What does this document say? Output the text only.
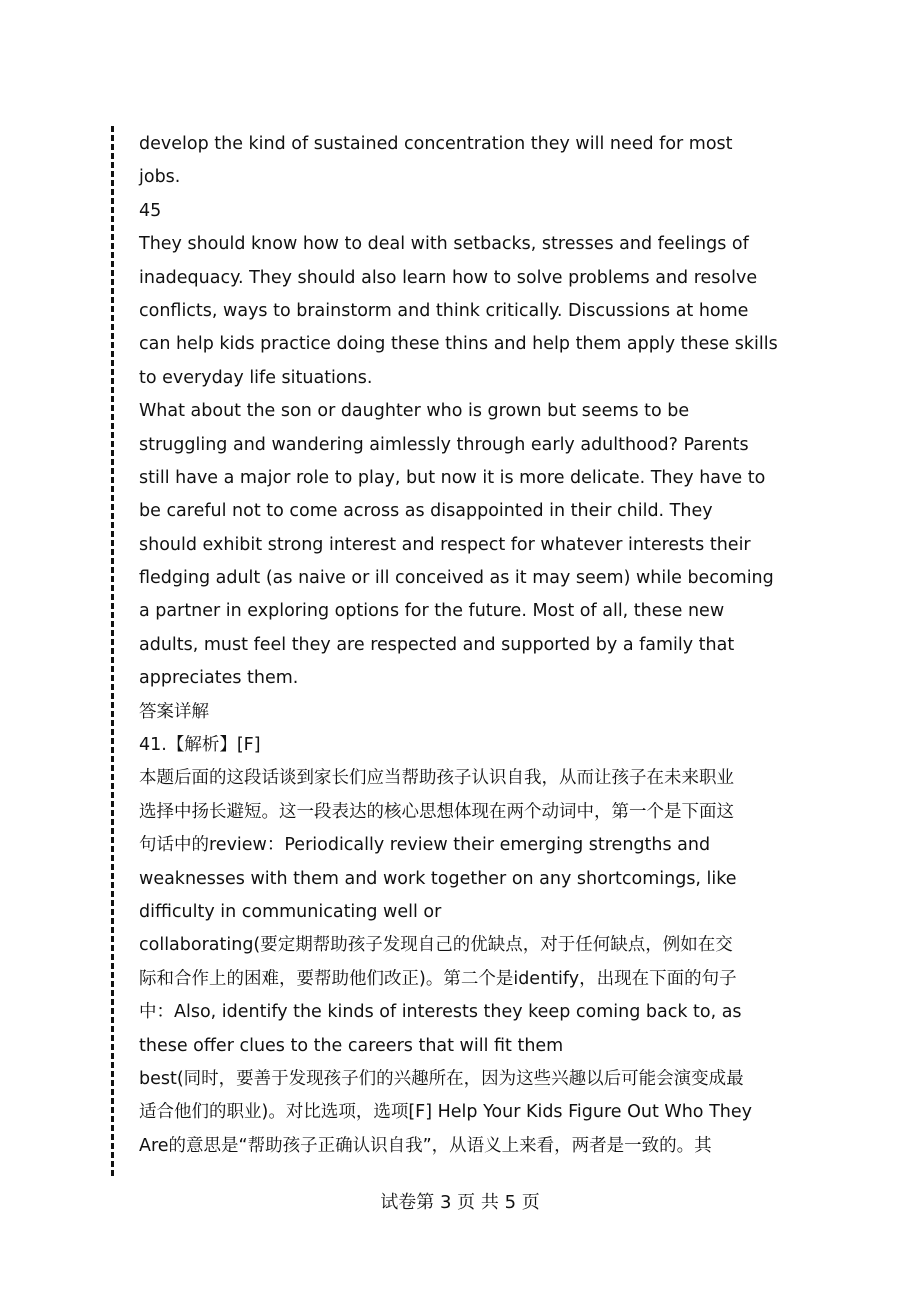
develop the kind of sustained concentration they will need for most
jobs.
45
They should know how to deal with setbacks, stresses and feelings of
inadequacy. They should also learn how to solve problems and resolve
conflicts, ways to brainstorm and think critically. Discussions at home
can help kids practice doing these thins and help them apply these skills
to everyday life situations.
What about the son or daughter who is grown but seems to be
struggling and wandering aimlessly through early adulthood? Parents
still have a major role to play, but now it is more delicate. They have to
be careful not to come across as disappointed in their child. They
should exhibit strong interest and respect for whatever interests their
fledging adult (as naive or ill conceived as it may seem) while becoming
a partner in exploring options for the future. Most of all, these new
adults, must feel they are respected and supported by a family that
appreciates them.
答案详解
41.【解析】[F]
本题后面的这段话谈到家长们应当帮助孩子认识自我，从而让孩子在未来职业
选择中扬长避短。这一段表达的核心思想体现在两个动词中，第一个是下面这
句话中的review：Periodically review their emerging strengths and
weaknesses with them and work together on any shortcomings, like
difficulty in communicating well or
collaborating(要定期帮助孩子发现自己的优缺点，对于任何缺点，例如在交
际和合作上的困难，要帮助他们改正)。第二个是identify，出现在下面的句子
中：Also, identify the kinds of interests they keep coming back to, as
these offer clues to the careers that will fit them
best(同时，要善于发现孩子们的兴趣所在，因为这些兴趣以后可能会演变成最
适合他们的职业)。对比选项，选项[F] Help Your Kids Figure Out Who They
Are的意思是“帮助孩子正确认识自我”，从语义上来看，两者是一致的。其
试卷第 3 页 共 5 页
